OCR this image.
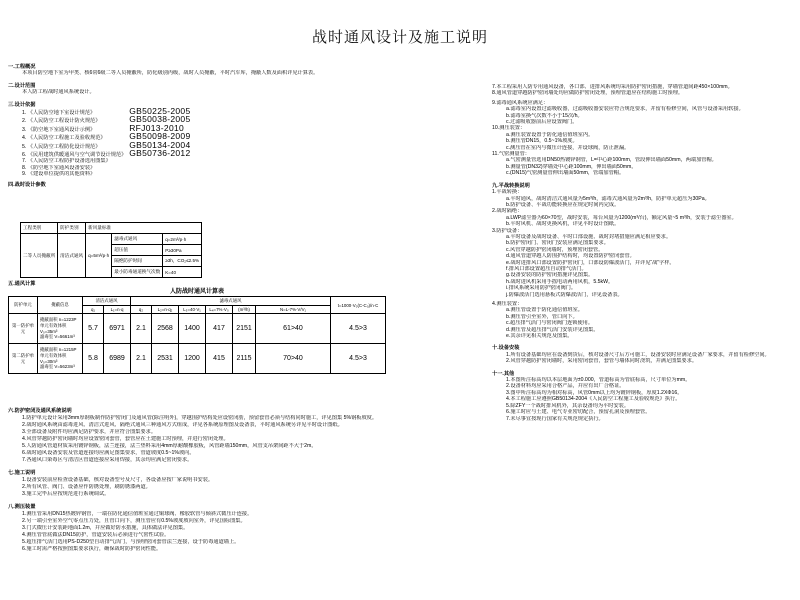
战时通风设计及施工说明
一.工程概况
本项目防空地下室为甲类、核6常6级二等人员掩蔽所，防化级别丙级，战时人员掩蔽，平时汽车库，掩蔽人数及面积详见计算表。
二.设计范围
本人防工程战时通风系统设计。
三.设计依据
1. 《人民防空地下室设计规范》	GB50225-2005
2. 《人民防空工程设计防火规范》	GB50038-2005
3. 《防空地下室通风设计示例》	RFJ013-2010
4. 《人民防空工程施工及验收规范》	GB50098-2009
5. 《人民防空工程防化设计规范》	GB50134-2004
6. 《民用建筑供暖通风与空气调节设计规范》 GB50736-2012
7. 《人民防空工程防护设备选用图集》
8. 《防空地下室通风设备安装》
9. 《建设单位提供的其他资料》
四.战时设计参数
工程类别	防护类别	新风量标准		
二等人员掩蔽所	清洁式通风	q=5m³/p·h	滤毒式通风	q=2m³/p·h
			超压值	P≥30Pa
			隔绝防护时间	≥3h，CO₂≤2.5%
			最小防毒通道换气次数	K=40
五.通风计算
人防战时通风计算表
防护单元	掩蔽信息	清洁式通风		滤毒式通风						t=1000·V₀(C-C₀)/n·C
		q₁	L₁=n·q	q₂	L₂=n·q₂	L₃=40·V₁	L₄=7%·V₀	(m³/h)	N=L-7%·V/V₁	
第一防护单元	掩蔽面积 n=1223P
单元有效体积 V₀=35m³
滤毒室 V=5661m³	5.7	6971	2.1	2568	1400	417	2151	61>40	4.5>3
第二防护单元	掩蔽面积 n=1215P
单元有效体积 V₀=30m³
滤毒室 V=5623m³	5.8	6989	2.1	2531	1200	415	2115	70>40	4.5>3
六.防护密闭及通风系统说明
1.防护单元设计采用3mm厚钢板制作防护密闭门及通风管(除注明外)，穿越围护结构处应设密闭肋，预留套管必须与结构同时施工，详见图集 5%钢板坡度。
2.战时通风系统由滤毒进风、清洁式进风、隔绝式通风三种通风方式组成，详见各系统原理图及设备表，平时通风系统另详见平时设计图纸。
3.全部设备及附件均应满足防护要求，并应符合图集要求。
4.风管穿越防护密闭墙时均应设置密闭套管，套管应在土建施工时预埋，并进行密闭处理。
5.人防通风管道材质采用镀锌钢板，法兰连接，法兰垫料采用4mm厚耐酸橡胶板，风管距墙150mm，风管支吊架间距不大于2m。
6.战时通风设备安装及管道连接均应满足图集要求，管道坡度0.5~1%坡向。
7.各通风口染毒区与清洁区管道连接应采用焊接，其余均应满足密闭要求。
七.施工说明
1.设备安装前应检查设备基础，核对设备型号及尺寸，各设备应按厂家说明书安装。
2.所有风管、阀门、设备应作防锈处理，刷防锈漆两道。
3.施工完毕后应按规范进行系统调试。
八.测压装置
1.测压管采用DN15热镀锌钢管，一端在防化通信值班室通过铜球阀、橡胶软管与倾斜式微压计连接。
2.另一端引至室外空气零点压力处，且管口向下，测压管应有0.5%坡度坡向室外，详见国标图集。
3.门式微压计安装距地面1.2m，并应做好防水措施，具体做法详见图集。
4.测压管管底做法DN15防护，管道安装后必须进行气密性试验。
5.超压排气活门选用PS-D250型自动排气活门，与预埋密闭套管法兰连接，设于防毒通道墙上。
6.施工时需严格按照图集要求执行，确保战时防护密闭性能。
7.本工程采用人防专用通风设备，各口部、进排风系统均采用防护密闭措施，穿墙管道间距450×100mm。
8.通风管道穿越防护密闭墙处均应做防护密闭处理，预埋管道应在结构施工时预埋。
9.滤毒通风系统应满足：
a.滤毒室内设置过滤吸收器，过滤吸收器安装应符合规范要求，并留有检修空间，风管与设备采用软接。
b.滤毒室换气次数不小于15次/h。
c.过滤吸收器前后应设置阀门。
10.测压装置：
a.测压装置设置于防化通信值班室内。
b.测压管DN15，0.5~1%坡度。
c.测压管在室内与微压计连接，并设球阀，防止泄漏。
11.气密测量管：
a.气密测量管选用DN50热镀锌钢管，L=中心距100mm，管段伸出墙面50mm，两端加管帽。
b.测量管(DN32)穿墙处中心距100mm，伸出墙面50mm。
c.(DN15)气密测量管伸出墙面50mm，管端加管帽。
九.平战转换说明
1.平战转换：
a.平时通风，战时清洁式通风量为5m³/h，滤毒式通风量为2m³/h，防护单元超压为30Pa。
b.防护设备、平战功能转换应在规定时间内完成。
2.战时隔绝：
a.LWP滤尘器为60×70型，战时安装，每台风量为1200(m³/台)，额定风量~5 m³/h，安装于滤尘器室。
b.平时风机、战时更换风机，详见平时设计图纸。
3.防护设备：
a.平时设备及战时设备、平时口部设施、战时封堵措施应满足相应要求。
b.防护密闭门、密闭门安装应满足图集要求。
c.风管穿越防护密闭墙时，预埋密闭套管。
d.通风管道穿越人防围护结构时，均设置防护密闭套管。
e.战时进排风口部设置防护密闭门，口部设防爆波活门，并详见“战”字样。
f.排风口部设置超压自动排气活门。
g.设备安装的防护密闭措施详见图集。
h.战时进风机采用手摇电动两用风机，5.5kW。
i.排风系统采用防护密闭阀门。
j.防爆波活门选用悬板式防爆波活门，详见设备表。
4.测压装置：
a.测压管设置于防化通信值班室。
b.测压管引至室外，管口向下。
c.超压排气活门与密闭阀门连锁使用。
d.测压管及超压排气活门安装详见图集。
e.其余详见相关规范及图集。
十.设备安装
1.所有设备基础均应在设备到货后，核对设备尺寸后方可施工，设备安装时应满足设备厂家要求，并留有检修空间。
2.风管穿越防护密闭墙时，采用密闭套管，套管与墙体同时浇筑，并满足图集要求。
十一.其他
1.本图所注标高均以本层地面为±0.000，管道标高为管底标高，尺寸单位为mm。
2.设备材料均应采用合格产品，并应有出厂合格证。
3.图中所注标高均为相对标高，风管0mm以上均为镀锌钢板，厚度1.2XΦ16。
4.本工程施工应遵照GB50134-2004《人民防空工程施工及验收规范》执行。
5.除ZFY一个战时排风机外，其余设备均为平时安装。
6.施工时应与土建、电气专业密切配合，预留孔洞及预埋套管。
7.未尽事宜按现行国家有关规范规定执行。
